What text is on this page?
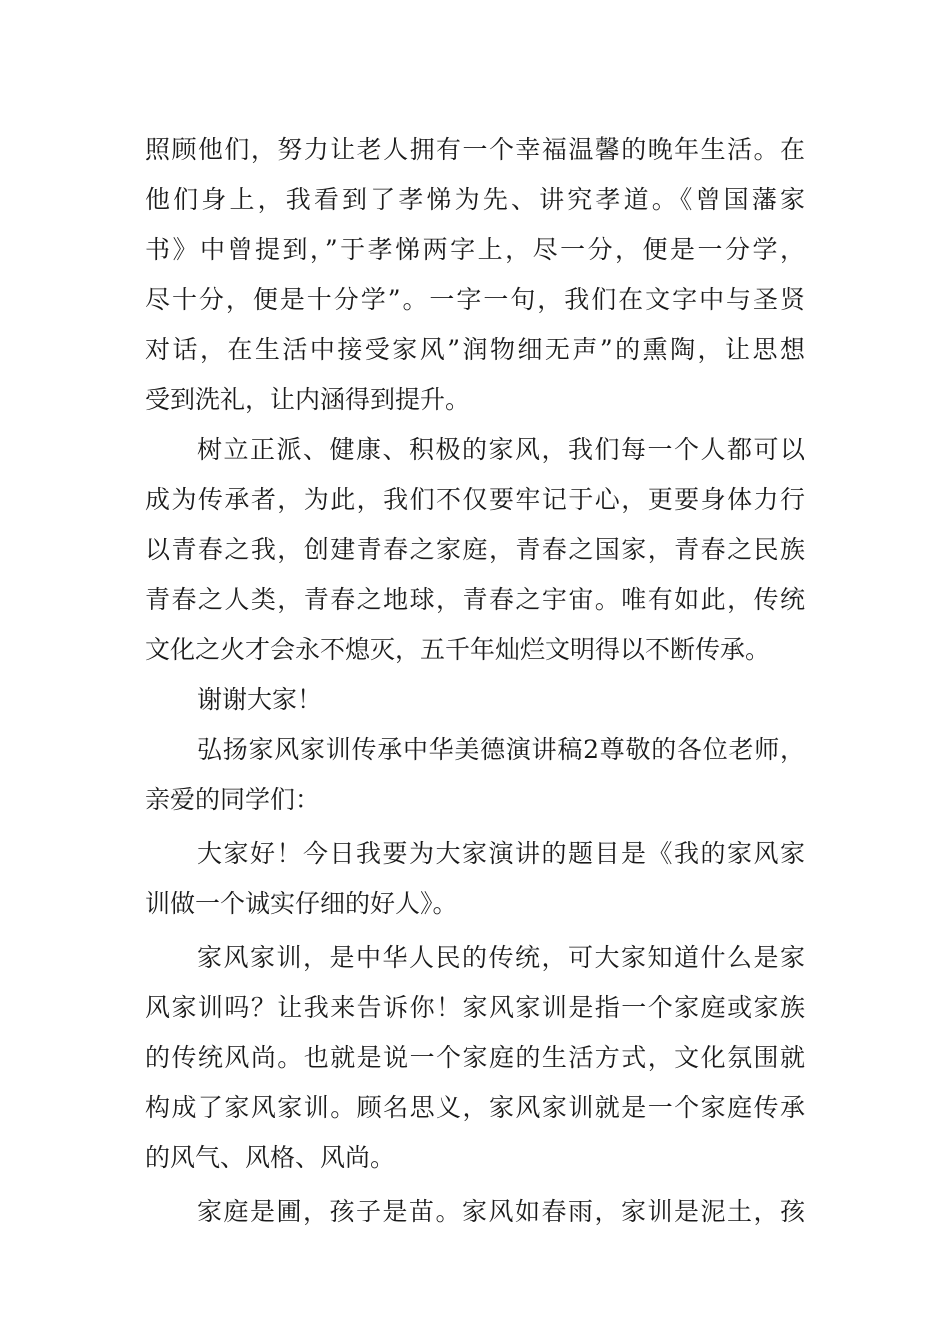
照顾他们，努力让老人拥有一个幸福温馨的晚年生活。在
他们身上，我看到了孝悌为先、讲究孝道。《曾国藩家
书》中曾提到，”于孝悌两字上，尽一分，便是一分学，
尽十分，便是十分学”。一字一句，我们在文字中与圣贤
对话，在生活中接受家风”润物细无声”的熏陶，让思想
受到洗礼，让内涵得到提升。
树立正派、健康、积极的家风，我们每一个人都可以
成为传承者，为此，我们不仅要牢记于心，更要身体力行
以青春之我，创建青春之家庭，青春之国家，青春之民族
青春之人类，青春之地球，青春之宇宙。唯有如此，传统
文化之火才会永不熄灭，五千年灿烂文明得以不断传承。
谢谢大家！
弘扬家风家训传承中华美德演讲稿2尊敬的各位老师，
亲爱的同学们：
大家好！今日我要为大家演讲的题目是《我的家风家
训做一个诚实仔细的好人》。
家风家训，是中华人民的传统，可大家知道什么是家
风家训吗？让我来告诉你！家风家训是指一个家庭或家族
的传统风尚。也就是说一个家庭的生活方式，文化氛围就
构成了家风家训。顾名思义，家风家训就是一个家庭传承
的风气、风格、风尚。
家庭是圃，孩子是苗。家风如春雨，家训是泥土，孩
